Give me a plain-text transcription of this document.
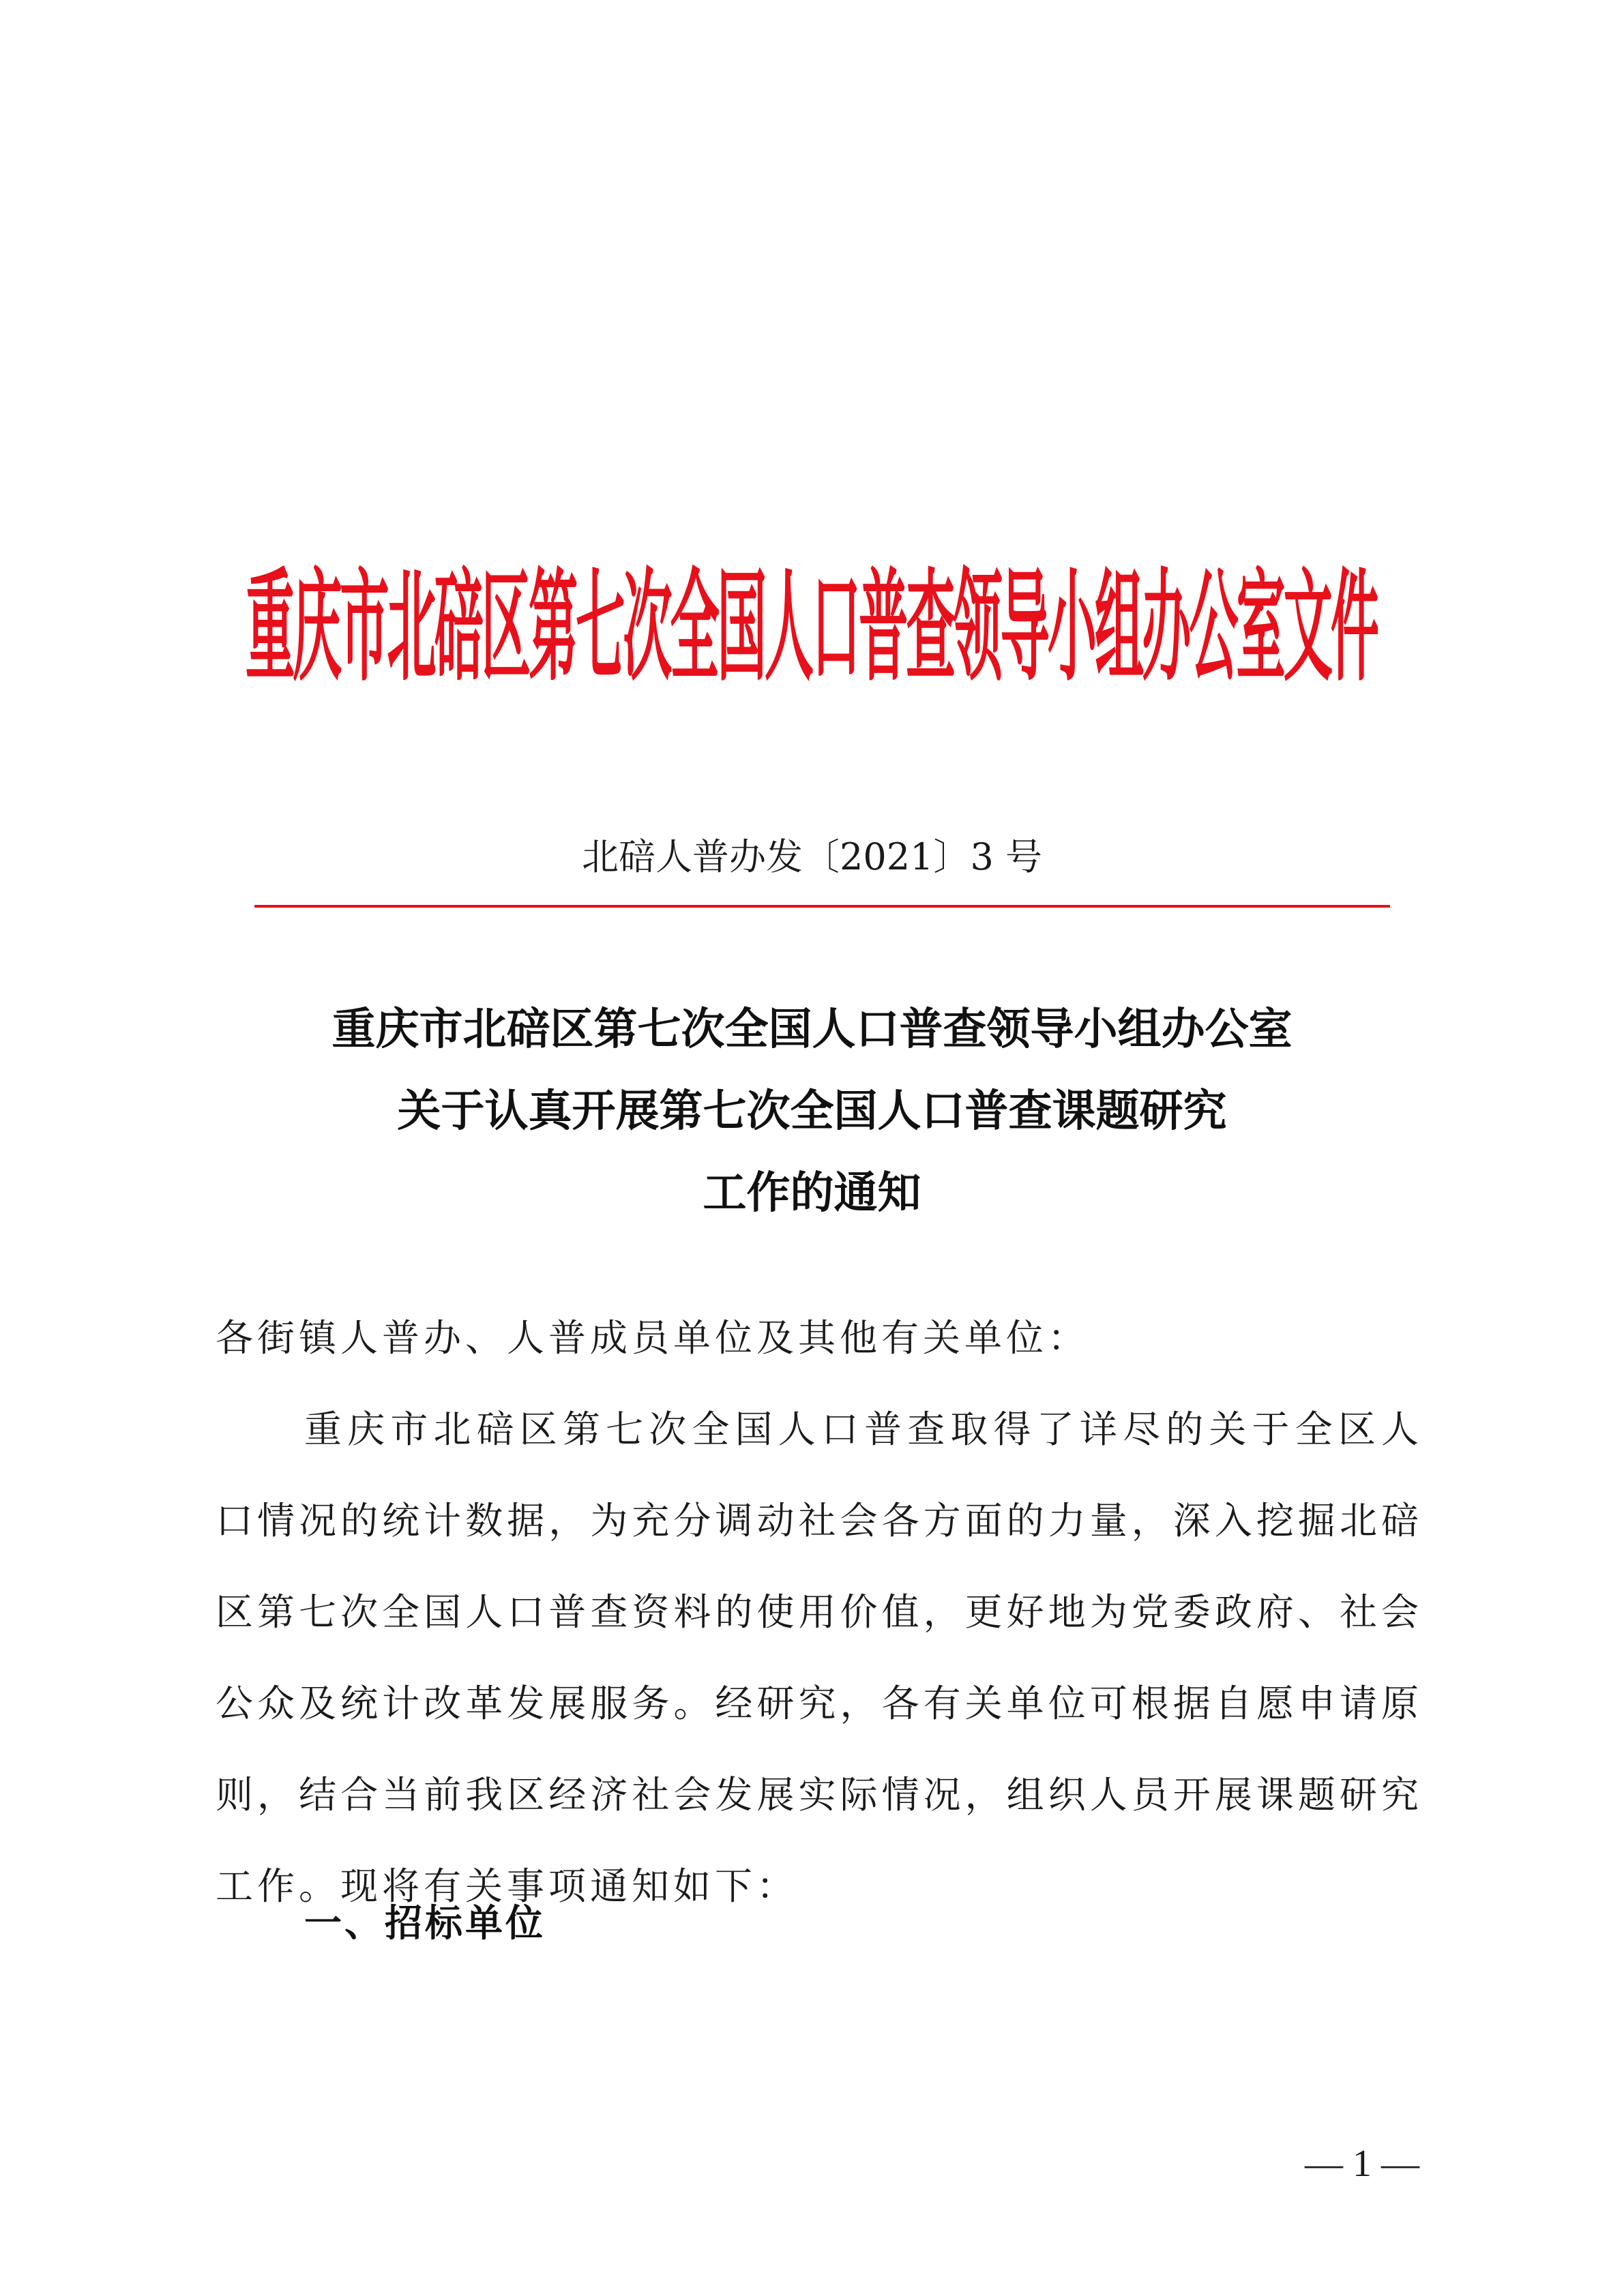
重庆市北碚区第七次全国人口普查领导小组办公室文件
北碚人普办发〔2021〕3 号
重庆市北碚区第七次全国人口普查领导小组办公室
关于认真开展第七次全国人口普查课题研究
工作的通知
各街镇人普办、人普成员单位及其他有关单位：
重庆市北碚区第七次全国人口普查取得了详尽的关于全区人口情况的统计数据，为充分调动社会各方面的力量，深入挖掘北碚区第七次全国人口普查资料的使用价值，更好地为党委政府、社会公众及统计改革发展服务。经研究，各有关单位可根据自愿申请原则，结合当前我区经济社会发展实际情况，组织人员开展课题研究工作。现将有关事项通知如下：
一、招标单位
— 1 —
